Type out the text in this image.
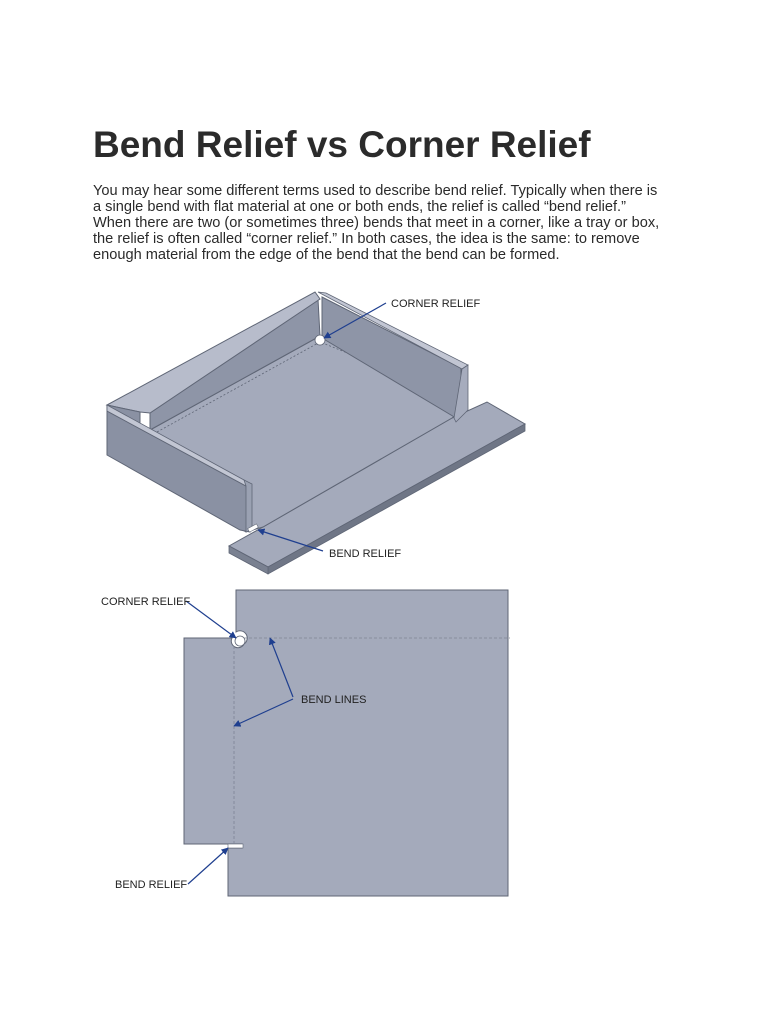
Bend Relief vs Corner Relief
You may hear some different terms used to describe bend relief. Typically when there is
a single bend with flat material at one or both ends, the relief is called “bend relief.”
When there are two (or sometimes three) bends that meet in a corner, like a tray or box,
the relief is often called “corner relief.” In both cases, the idea is the same: to remove
enough material from the edge of the bend that the bend can be formed.
CORNER RELIEF
BEND RELIEF
CORNER RELIEF
BEND LINES
BEND RELIEF
